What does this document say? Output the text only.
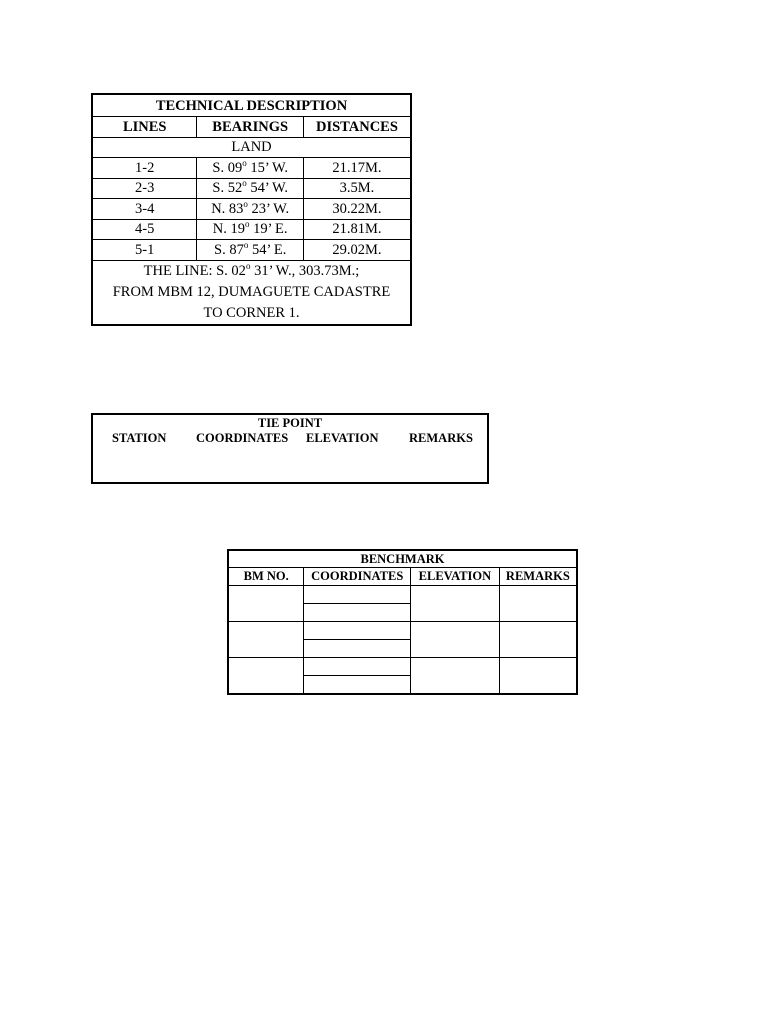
TECHNICAL DESCRIPTION		
LINES	BEARINGS	DISTANCES
LAND		
1-2	S. 09$^o$ 15’ W.	21.17M.
2-3	S. 52$^o$ 54’ W.	3.5M.
3-4	N. 83$^o$ 23’ W.	30.22M.
4-5	N. 19$^o$ 19’ E.	21.81M.
5-1	S. 87$^o$ 54’ E.	29.02M.

THE LINE: S. 02$^o$ 31’ W., 303.73M.;
FROM MBM 12, DUMAGUETE CADASTRE
TO CORNER 1.		
TIE POINT
STATION COORDINATES ELEVATION REMARKS
BENCHMARK			
BM NO.	COORDINATES	ELEVATION	REMARKS
